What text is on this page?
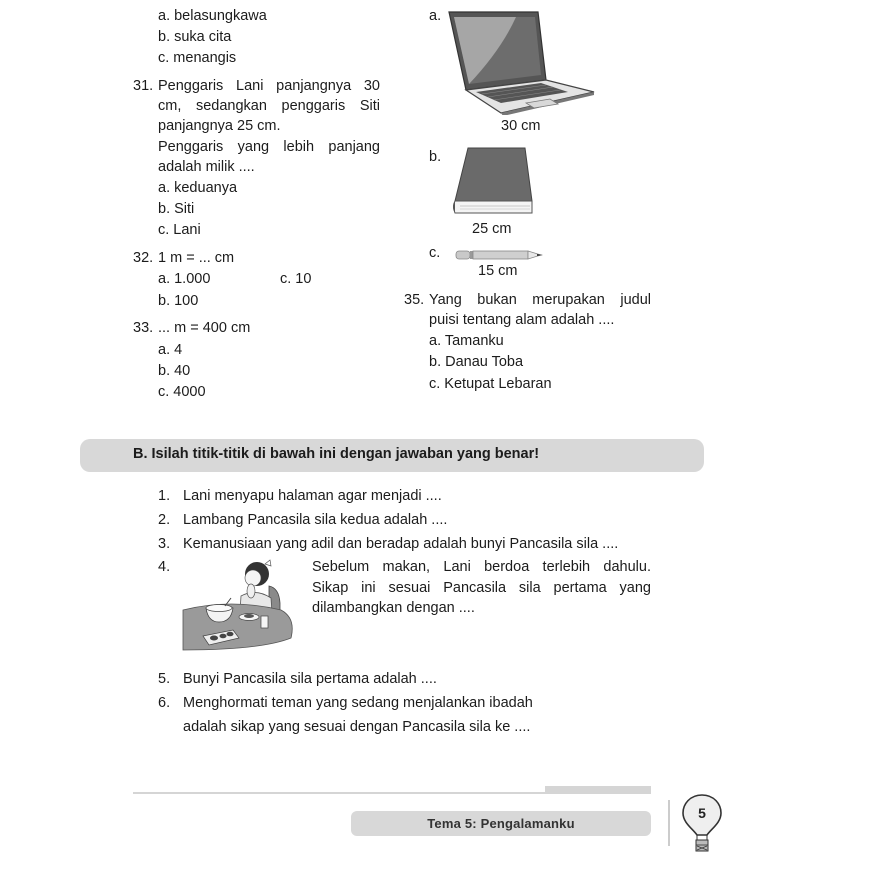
a. belasungkawa
b. suka cita
c. menangis
31. Penggaris Lani panjangnya 30
cm, sedangkan penggaris Siti
panjangnya 25 cm.
Penggaris yang lebih panjang
adalah milik ....
a. keduanya
b. Siti
c. Lani
32. 1 m = ... cm
a. 1.000
b. 100
c. 10
33. ... m = 400 cm
a. 4
b. 40
c. 4000
a.
30 cm
b.
25 cm
c.
15 cm
35. Yang bukan merupakan judul
puisi tentang alam adalah ....
a. Tamanku
b. Danau Toba
c. Ketupat Lebaran
B. Isilah titik-titik di bawah ini dengan jawaban yang benar!
1. Lani menyapu halaman agar menjadi ....
2. Lambang Pancasila sila kedua adalah ....
3. Kemanusiaan yang adil dan beradap adalah bunyi Pancasila sila ....
4.	Sebelum makan, Lani berdoa terlebih dahulu.
Sikap ini sesuai Pancasila sila pertama yang
dilambangkan dengan ....
5. Bunyi Pancasila sila pertama adalah ....
6. Menghormati teman yang sedang menjalankan ibadah
adalah sikap yang sesuai dengan Pancasila sila ke ....
Tema 5: Pengalamanku
5
